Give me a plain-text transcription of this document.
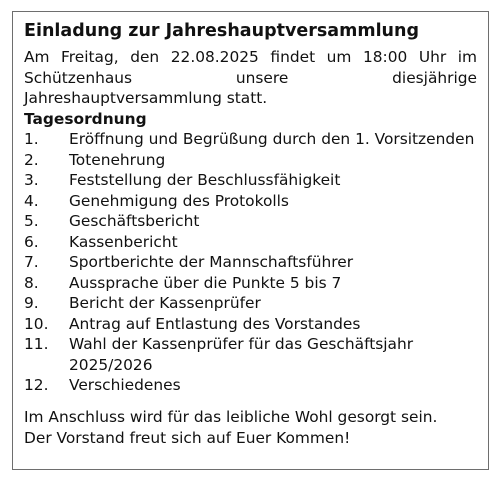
Einladung zur Jahreshauptversammlung

Am Freitag, den 22.08.2025 findet um 18:00 Uhr im Schützenhaus unsere diesjährige Jahreshauptversammlung statt.

Tagesordnung
1.	Eröffnung und Begrüßung durch den 1. Vorsitzenden
2.	Totenehrung
3.	Feststellung der Beschlussfähigkeit
4.	Genehmigung des Protokolls
5.	Geschäftsbericht
6.	Kassenbericht
7.	Sportberichte der Mannschaftsführer
8.	Aussprache über die Punkte 5 bis 7
9.	Bericht der Kassenprüfer
10.	Antrag auf Entlastung des Vorstandes
11.	Wahl der Kassenprüfer für das Geschäftsjahr 2025/2026
12.	Verschiedenes
Im Anschluss wird für das leibliche Wohl gesorgt sein.
Der Vorstand freut sich auf Euer Kommen!
